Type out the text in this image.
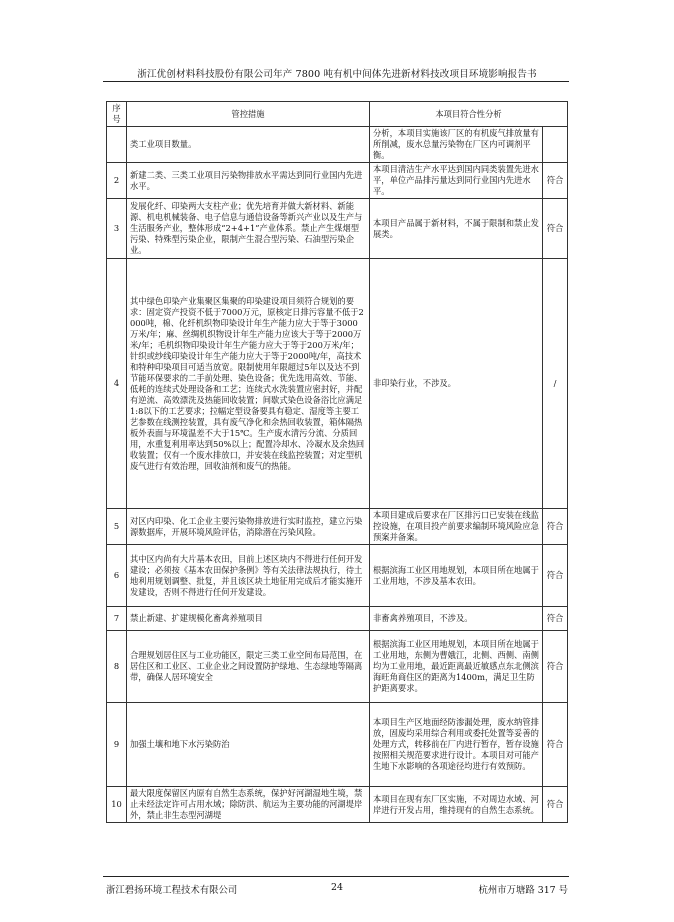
浙江优创材料科技股份有限公司年产 7800 吨有机中间体先进新材料技改项目环境影响报告书
序号	管控措施	本项目符合性分析	
	类工业项目数量。	分析，本项目实施该厂区的有机废气排放量有所削减，废水总量污染物在厂区内可调剂平衡。	
2	新建二类、三类工业项目污染物排放水平需达到同行业国内先进水平。	本项目清洁生产水平达到国内同类装置先进水平，单位产品排污量达到同行业国内先进水平。	符合
3	发展化纤、印染两大支柱产业；优先培育并做大新材料、新能源、机电机械装备、电子信息与通信设备等新兴产业以及生产与生活服务产业，整体形成“2+4+1”产业体系。禁止产生煤烟型污染、特殊型污染企业，限制产生混合型污染、石油型污染企业。	本项目产品属于新材料，不属于限制和禁止发展类。	符合
4	其中绿色印染产业集聚区集聚的印染建设项目须符合规划的要求：固定资产投资不低于7000万元，原核定日排污容量不低于2000吨，棉、化纤机织物印染设计年生产能力应大于等于3000万米/年；麻、丝绸机织物设计年生产能力应该大于等于2000万米/年；毛机织物印染设计年生产能力应大于等于200万米/年；针织或纱线印染设计年生产能力应大于等于2000吨/年，高技术和特种印染项目可适当放宽。限制使用年限超过5年以及达不到节能环保要求的二手前处理、染色设备；优先选用高效、节能、低耗的连续式处理设备和工艺；连续式水洗装置应密封好，并配有逆流、高效漂洗及热能回收装置；间歇式染色设备浴比应满足1:8以下的工艺要求；拉幅定型设备要具有稳定、湿度等主要工艺参数在线测控装置，具有废气净化和余热回收装置，箱体隔热板外表面与环境温差不大于15℃。生产废水清污分流、分质回用，水重复利用率达到50%以上；配置冷却水、冷凝水及余热回收装置；仅有一个废水排放口，并安装在线监控装置；对定型机废气进行有效治理，回收油剂和废气的热能。	非印染行业，不涉及。	/
5	对区内印染、化工企业主要污染物排放进行实时监控，建立污染源数据库，开展环境风险评估，消除潜在污染风险。	本项目建成后要求在厂区排污口已安装在线监控设施，在项目投产前要求编制环境风险应急预案并备案。	符合
6	其中区内尚有大片基本农田，目前上述区块内不得进行任何开发建设；必须按《基本农田保护条例》等有关法律法规执行，待土地利用规划调整、批复，并且该区块土地征用完成后才能实施开发建设，否则不得进行任何开发建设。	根据滨海工业区用地规划，本项目所在地属于工业用地，不涉及基本农田。	符合
7	禁止新建、扩建规模化畜禽养殖项目	非畜禽养殖项目，不涉及。	符合
8	合理规划居住区与工业功能区，限定三类工业空间布局范围，在居住区和工业区、工业企业之间设置防护绿地、生态绿地等隔离带，确保人居环境安全	根据滨海工业区用地规划，本项目所在地属于工业用地，东侧为曹娥江，北侧、西侧、南侧均为工业用地，最近距离最近敏感点东北侧滨海旺角商住区的距离为1400m，满足卫生防护距离要求。	符合
9	加强土壤和地下水污染防治	本项目生产区地面经防渗漏处理，废水纳管排放，固废均采用综合利用或委托处置等妥善的处理方式，转移前在厂内进行暂存，暂存设施按照相关规范要求进行设计。本项目对可能产生地下水影响的各项途径均进行有效预防。	符合
10	最大限度保留区内原有自然生态系统，保护好河湖湿地生境，禁止未经法定许可占用水域；除防洪、航运为主要功能的河湖堤岸外，禁止非生态型河湖堤	本项目在现有东厂区实施，不对周边水域、河岸进行开发占用，维持现有的自然生态系统。	符合
浙江碧扬环境工程技术有限公司	24	杭州市万塘路 317 号
